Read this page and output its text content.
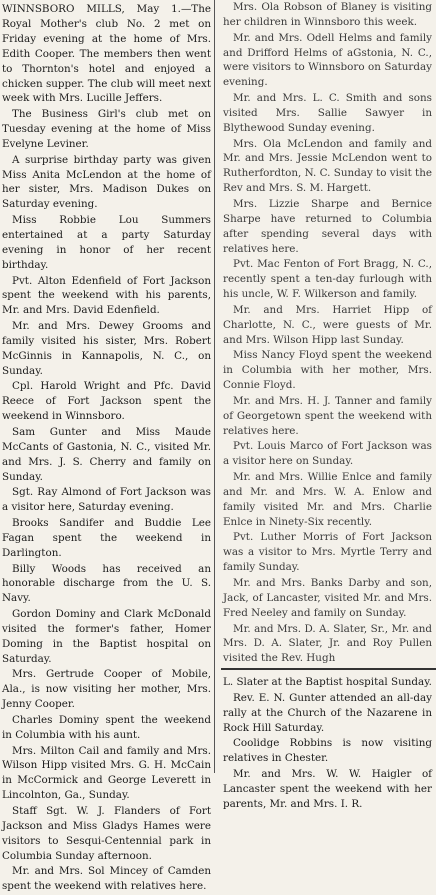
WINNSBORO MILLS, May 1.—The Royal Mother's club No. 2 met on Friday evening at the home of Mrs. Edith Cooper. The members then went to Thornton's hotel and enjoyed a chicken supper. The club will meet next week with Mrs. Lucille Jeffers.

The Business Girl's club met on Tuesday evening at the home of Miss Evelyne Leviner.

A surprise birthday party was given Miss Anita McLendon at the home of her sister, Mrs. Madison Dukes on Saturday evening.

Miss Robbie Lou Summers entertained at a party Saturday evening in honor of her recent birthday.

Pvt. Alton Edenfield of Fort Jackson spent the weekend with his parents, Mr. and Mrs. David Edenfield.

Mr. and Mrs. Dewey Grooms and family visited his sister, Mrs. Robert McGinnis in Kannapolis, N. C., on Sunday.

Cpl. Harold Wright and Pfc. David Reece of Fort Jackson spent the weekend in Winnsboro.

Sam Gunter and Miss Maude McCants of Gastonia, N. C., visited Mr. and Mrs. J. S. Cherry and family on Sunday.

Sgt. Ray Almond of Fort Jackson was a visitor here, Saturday evening.

Brooks Sandifer and Buddie Lee Fagan spent the weekend in Darlington.

Billy Woods has received an honorable discharge from the U. S. Navy.

Gordon Dominy and Clark McDonald visited the former's father, Homer Doming in the Baptist hospital on Saturday.

Mrs. Gertrude Cooper of Mobile, Ala., is now visiting her mother, Mrs. Jenny Cooper.

Charles Dominy spent the weekend in Columbia with his aunt.

Mrs. Milton Cail and family and Mrs. Wilson Hipp visited Mrs. G. H. McCain in McCormick and George Leverett in Lincolnton, Ga., Sunday.

Staff Sgt. W. J. Flanders of Fort Jackson and Miss Gladys Hames were visitors to Sesqui-Centennial park in Columbia Sunday afternoon.

Mr. and Mrs. Sol Mincey of Camden spent the weekend with relatives here.

Mrs. Ola Robson of Blaney is visiting her children in Winnsboro this week.

Mr. and Mrs. Odell Helms and family and Drifford Helms of aGstonia, N. C., were visitors to Winnsboro on Saturday evening.

Mr. and Mrs. L. C. Smith and sons visited Mrs. Sallie Sawyer in Blythewood Sunday evening.

Mrs. Ola McLendon and family and Mr. and Mrs. Jessie McLendon went to Rutherfordton, N. C. Sunday to visit the Rev and Mrs. S. M. Hargett.

Mrs. Lizzie Sharpe and Bernice Sharpe have returned to Columbia after spending several days with relatives here.

Pvt. Mac Fenton of Fort Bragg, N. C., recently spent a ten-day furlough with his uncle, W. F. Wilkerson and family.

Mr. and Mrs. Harriet Hipp of Charlotte, N. C., were guests of Mr. and Mrs. Wilson Hipp last Sunday.

Miss Nancy Floyd spent the weekend in Columbia with her mother, Mrs. Connie Floyd.

Mr. and Mrs. H. J. Tanner and family of Georgetown spent the weekend with relatives here.

Pvt. Louis Marco of Fort Jackson was a visitor here on Sunday.

Mr. and Mrs. Willie Enlce and family and Mr. and Mrs. W. A. Enlow and family visited Mr. and Mrs. Charlie Enlce in Ninety-Six recently.

Pvt. Luther Morris of Fort Jackson was a visitor to Mrs. Myrtle Terry and family Sunday.

Mr. and Mrs. Banks Darby and son, Jack, of Lancaster, visited Mr. and Mrs. Fred Neeley and family on Sunday.

Mr. and Mrs. D. A. Slater, Sr., Mr. and Mrs. D. A. Slater, Jr. and Roy Pullen visited the Rev. Hugh

L. Slater at the Baptist hospital Sunday.

Rev. E. N. Gunter attended an all-day rally at the Church of the Nazarene in Rock Hill Saturday.

Coolidge Robbins is now visiting relatives in Chester.

Mr. and Mrs. W. W. Haigler of Lancaster spent the weekend with her parents, Mr. and Mrs. I. R.
